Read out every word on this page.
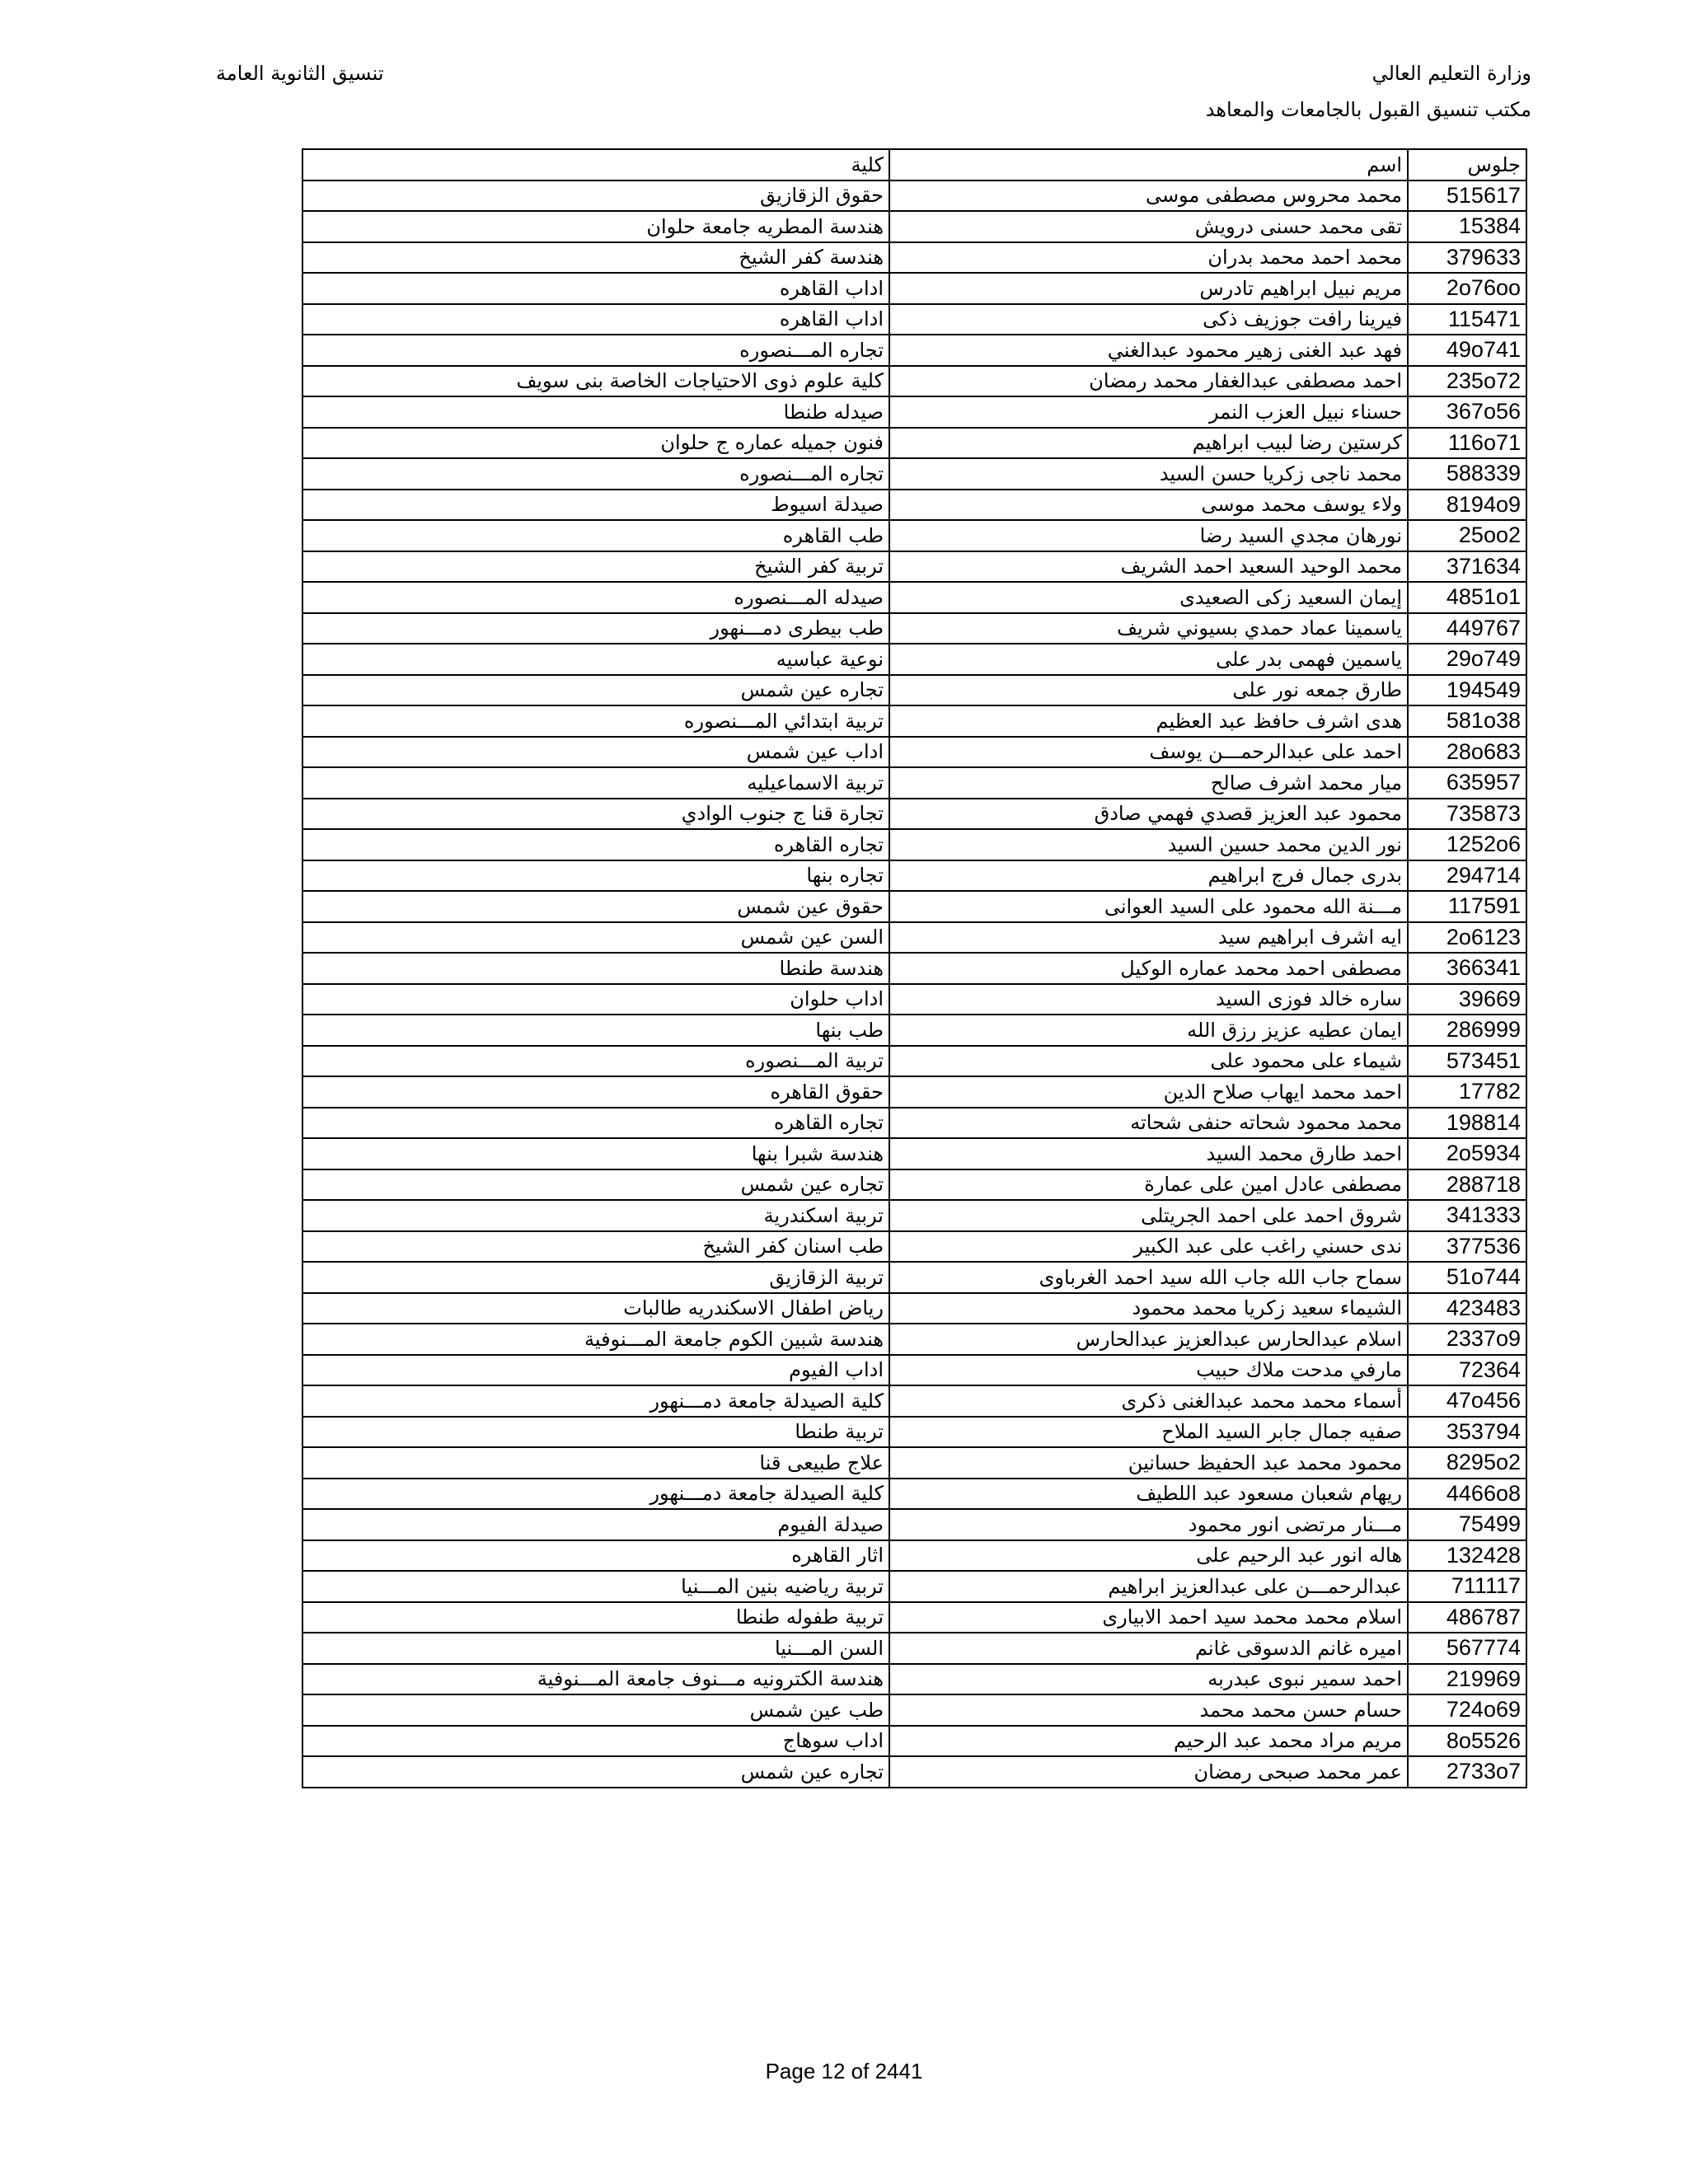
وزارة التعليم العالي
مكتب تنسيق القبول بالجامعات والمعاهد
تنسيق الثانوية العامة
جلوس	اسم	كلية
515617	محمد محروس مصطفى موسى	حقوق الزقازيق
15384	تقى محمد حسنى درويش	هندسة المطريه جامعة حلوان
379633	محمد احمد محمد بدران	هندسة كفر الشيخ
2o76oo	مريم نبيل ابراهيم تادرس	اداب القاهره
115471	فيرينا رافت جوزيف ذكى	اداب القاهره
49o741	فهد عبد الغنى زهير محمود عبدالغني	تجاره المـــنصوره
235o72	احمد مصطفى عبدالغفار محمد رمضان	كلية علوم ذوى الاحتياجات الخاصة بنى سويف
367o56	حسناء نبيل العزب النمر	صيدله طنطا
116o71	كرستين رضا لبيب ابراهيم	فنون جميله عماره ج حلوان
588339	محمد ناجى زكريا حسن السيد	تجاره المـــنصوره
8194o9	ولاء يوسف محمد موسى	صيدلة اسيوط
25oo2	نورهان مجدي السيد رضا	طب القاهره
371634	محمد الوحيد السعيد احمد الشريف	تربية كفر الشيخ
4851o1	إيمان السعيد زكى الصعيدى	صيدله المـــنصوره
449767	ياسمينا عماد حمدي بسيوني شريف	طب بيطرى دمـــنهور
29o749	ياسمين فهمى بدر على	نوعية عباسيه
194549	طارق جمعه نور على	تجاره عين شمس
581o38	هدى اشرف حافظ عبد العظيم	تربية ابتدائي المـــنصوره
28o683	احمد على عبدالرحمـــن يوسف	اداب عين شمس
635957	ميار محمد اشرف صالح	تربية الاسماعيليه
735873	محمود عبد العزيز قصدي فهمي صادق	تجارة قنا ج جنوب الوادي
1252o6	نور الدين محمد حسين السيد	تجاره القاهره
294714	بدرى جمال فرج ابراهيم	تجاره بنها
117591	مـــنة الله محمود على السيد العوانى	حقوق عين شمس
2o6123	ايه اشرف ابراهيم سيد	السن عين شمس
366341	مصطفى احمد محمد عماره الوكيل	هندسة طنطا
39669	ساره خالد فوزى السيد	اداب حلوان
286999	ايمان عطيه عزيز رزق الله	طب بنها
573451	شيماء على محمود على	تربية المـــنصوره
17782	احمد محمد ايهاب صلاح الدين	حقوق القاهره
198814	محمد محمود شحاته حنفى شحاته	تجاره القاهره
2o5934	احمد طارق محمد السيد	هندسة شبرا بنها
288718	مصطفى عادل امين على عمارة	تجاره عين شمس
341333	شروق احمد على احمد الجريتلى	تربية اسكندرية
377536	ندى حسني راغب على عبد الكبير	طب اسنان كفر الشيخ
51o744	سماح جاب الله جاب الله سيد احمد الغرباوى	تربية الزقازيق
423483	الشيماء سعيد زكريا محمد محمود	رياض اطفال الاسكندريه طالبات
2337o9	اسلام عبدالحارس عبدالعزيز عبدالحارس	هندسة شبين الكوم جامعة المـــنوفية
72364	مارفي مدحت ملاك حبيب	اداب الفيوم
47o456	أسماء محمد محمد عبدالغنى ذكرى	كلية الصيدلة جامعة دمـــنهور
353794	صفيه جمال جابر السيد الملاح	تربية طنطا
8295o2	محمود محمد عبد الحفيظ حسانين	علاج طبيعى قنا
4466o8	ريهام شعبان مسعود عبد اللطيف	كلية الصيدلة جامعة دمـــنهور
75499	مـــنار مرتضى انور محمود	صيدلة الفيوم
132428	هاله انور عبد الرحيم على	اثار القاهره
711117	عبدالرحمـــن على عبدالعزيز ابراهيم	تربية رياضيه بنين المـــنيا
486787	اسلام محمد محمد سيد احمد الابيارى	تربية طفوله طنطا
567774	اميره غانم الدسوقى غانم	السن المـــنيا
219969	احمد سمير نبوى عبدربه	هندسة الكترونيه مـــنوف جامعة المـــنوفية
724o69	حسام حسن محمد محمد	طب عين شمس
8o5526	مريم مراد محمد عبد الرحيم	اداب سوهاج
2733o7	عمر محمد صبحى رمضان	تجاره عين شمس
Page 12 of 2441
